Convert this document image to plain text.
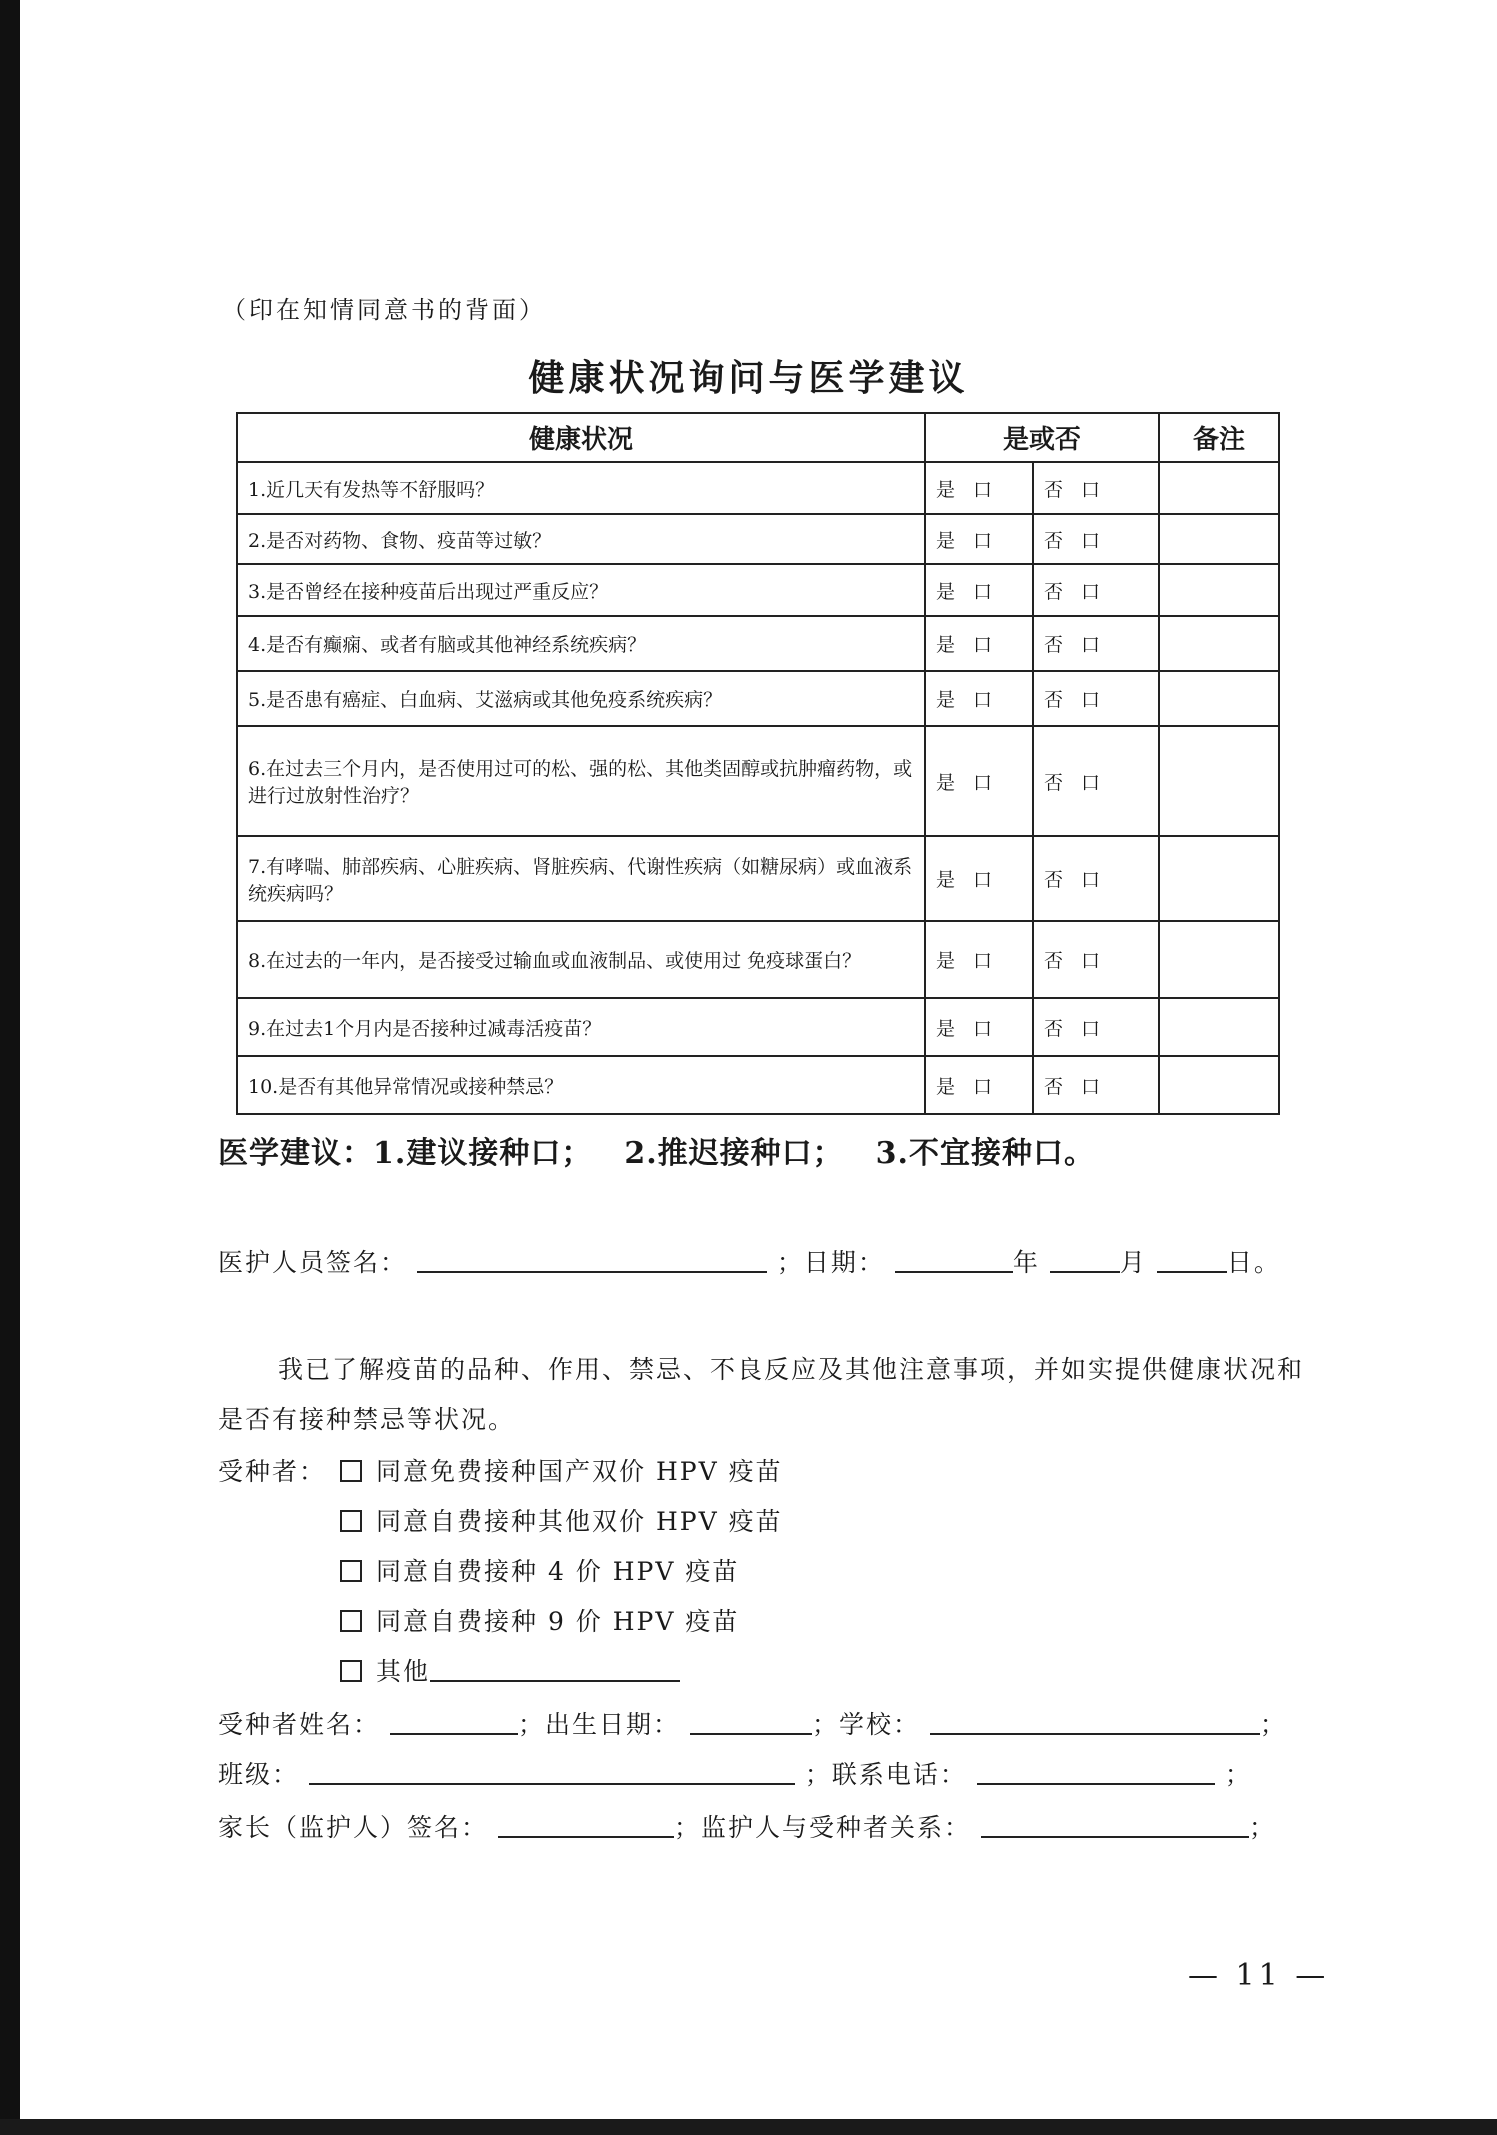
（印在知情同意书的背面）
健康状况询问与医学建议
健康状况	是或否		备注
1.近几天有发热等不舒服吗？	是 口	否 口	
2.是否对药物、食物、疫苗等过敏？	是 口	否 口	
3.是否曾经在接种疫苗后出现过严重反应？	是 口	否 口	
4.是否有癫痫、或者有脑或其他神经系统疾病？	是 口	否 口	
5.是否患有癌症、白血病、艾滋病或其他免疫系统疾病？	是 口	否 口	
6.在过去三个月内，是否使用过可的松、强的松、其他类固醇或抗肿瘤药物，或进行过放射性治疗？	是 口	否 口	
7.有哮喘、肺部疾病、心脏疾病、肾脏疾病、代谢性疾病（如糖尿病）或血液系统疾病吗？	是 口	否 口	
8.在过去的一年内，是否接受过输血或血液制品、或使用过 免疫球蛋白？	是 口	否 口	
9.在过去1个月内是否接种过减毒活疫苗？	是 口	否 口	
10.是否有其他异常情况或接种禁忌？	是 口	否 口	
医学建议：1.建议接种口； 2.推迟接种口； 3.不宜接种口。
医护人员签名：	；日期：	年	月	日。
我已了解疫苗的品种、作用、禁忌、不良反应及其他注意事项，并如实提供健康状况和是否有接种禁忌等状况。
受种者：	同意免费接种国产双价 HPV 疫苗
同意自费接种其他双价 HPV 疫苗
同意自费接种 4 价 HPV 疫苗
同意自费接种 9 价 HPV 疫苗
其他
受种者姓名：	；出生日期：	；学校：	；
班级：	；联系电话：	；
家长（监护人）签名：	；监护人与受种者关系：	；
— 11 —
